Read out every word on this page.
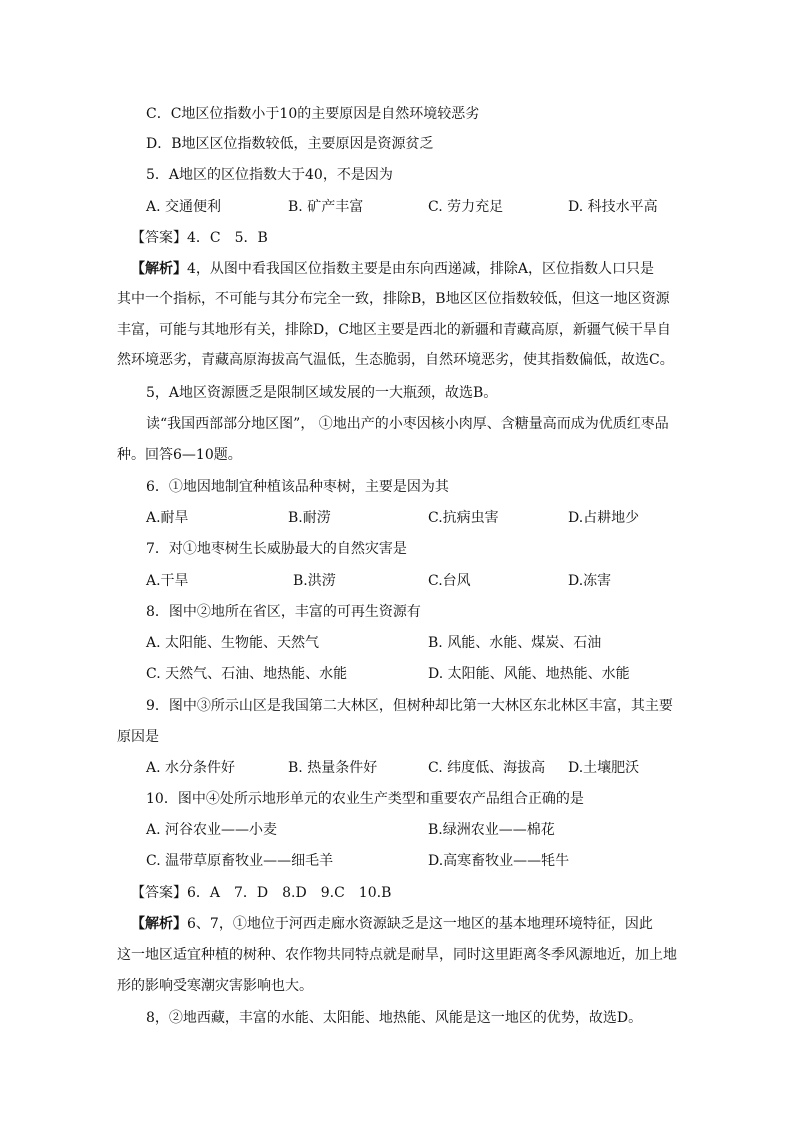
C．C地区位指数小于10的主要原因是自然环境较恶劣
D．B地区区位指数较低，主要原因是资源贫乏
5．A地区的区位指数大于40，不是因为
A. 交通便利	B. 矿产丰富	C. 劳力充足	D. 科技水平高
【答案】4．C　5．B
【解析】4，从图中看我国区位指数主要是由东向西递减，排除A，区位指数人口只是
其中一个指标，不可能与其分布完全一致，排除B，B地区区位指数较低，但这一地区资源
丰富，可能与其地形有关，排除D，C地区主要是西北的新疆和青藏高原，新疆气候干旱自
然环境恶劣，青藏高原海拔高气温低，生态脆弱，自然环境恶劣，使其指数偏低，故选C。
5，A地区资源匮乏是限制区域发展的一大瓶颈，故选B。
读“我国西部部分地区图”， ①地出产的小枣因核小肉厚、含糖量高而成为优质红枣品
种。回答6—10题。
6．①地因地制宜种植该品种枣树，主要是因为其
A.耐旱	B.耐涝	C.抗病虫害	D.占耕地少
7．对①地枣树生长威胁最大的自然灾害是
A.干旱	B.洪涝	C.台风	D.冻害
8．图中②地所在省区，丰富的可再生资源有
A. 太阳能、生物能、天然气	B. 风能、水能、煤炭、石油
C. 天然气、石油、地热能、水能	D. 太阳能、风能、地热能、水能
9．图中③所示山区是我国第二大林区，但树种却比第一大林区东北林区丰富，其主要
原因是
A. 水分条件好	B. 热量条件好	C. 纬度低、海拔高 D.土壤肥沃
10．图中④处所示地形单元的农业生产类型和重要农产品组合正确的是
A. 河谷农业——小麦	B.绿洲农业——棉花
C. 温带草原畜牧业——细毛羊	D.高寒畜牧业——牦牛
【答案】6．A　7．D　8.D　9.C　10.B
【解析】6、7，①地位于河西走廊水资源缺乏是这一地区的基本地理环境特征，因此
这一地区适宜种植的树种、农作物共同特点就是耐旱，同时这里距离冬季风源地近，加上地
形的影响受寒潮灾害影响也大。
8，②地西藏，丰富的水能、太阳能、地热能、风能是这一地区的优势，故选D。
